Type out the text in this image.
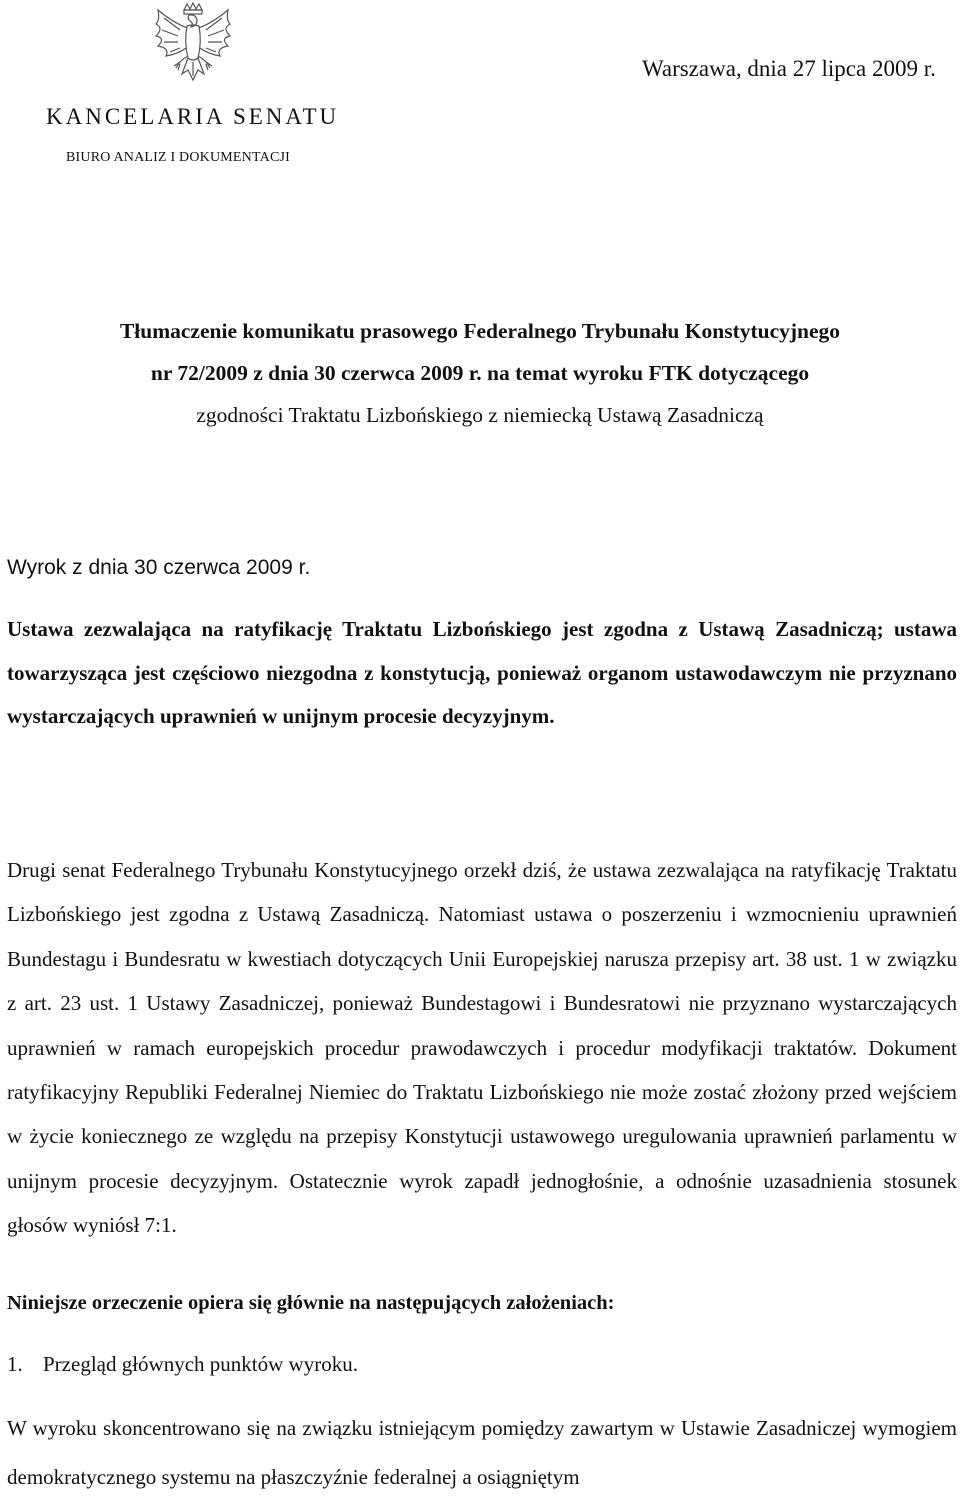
Warszawa, dnia 27 lipca 2009 r.
KANCELARIA SENATU
BIURO ANALIZ I DOKUMENTACJI
Tłumaczenie komunikatu prasowego Federalnego Trybunału Konstytucyjnego
nr 72/2009 z dnia 30 czerwca 2009 r. na temat wyroku FTK dotyczącego
zgodności Traktatu Lizbońskiego z niemiecką Ustawą Zasadniczą
Wyrok z dnia 30 czerwca 2009 r.
Ustawa zezwalająca na ratyfikację Traktatu Lizbońskiego jest zgodna z Ustawą Zasadniczą; ustawa towarzysząca jest częściowo niezgodna z konstytucją, ponieważ organom ustawodawczym nie przyznano wystarczających uprawnień w unijnym procesie decyzyjnym.
Drugi senat Federalnego Trybunału Konstytucyjnego orzekł dziś, że ustawa zezwalająca na ratyfikację Traktatu Lizbońskiego jest zgodna z Ustawą Zasadniczą. Natomiast ustawa o poszerzeniu i wzmocnieniu uprawnień Bundestagu i Bundesratu w kwestiach dotyczących Unii Europejskiej narusza przepisy art. 38 ust. 1 w związku z art. 23 ust. 1 Ustawy Zasadniczej, ponieważ Bundestagowi i Bundesratowi nie przyznano wystarczających uprawnień w ramach europejskich procedur prawodawczych i procedur modyfikacji traktatów. Dokument ratyfikacyjny Republiki Federalnej Niemiec do Traktatu Lizbońskiego nie może zostać złożony przed wejściem w życie koniecznego ze względu na przepisy Konstytucji ustawowego uregulowania uprawnień parlamentu w unijnym procesie decyzyjnym. Ostatecznie wyrok zapadł jednogłośnie, a odnośnie uzasadnienia stosunek głosów wyniósł 7:1.
Niniejsze orzeczenie opiera się głównie na następujących założeniach:
1. Przegląd głównych punktów wyroku.
W wyroku skoncentrowano się na związku istniejącym pomiędzy zawartym w Ustawie Zasadniczej wymogiem demokratycznego systemu na płaszczyźnie federalnej a osiągniętym
